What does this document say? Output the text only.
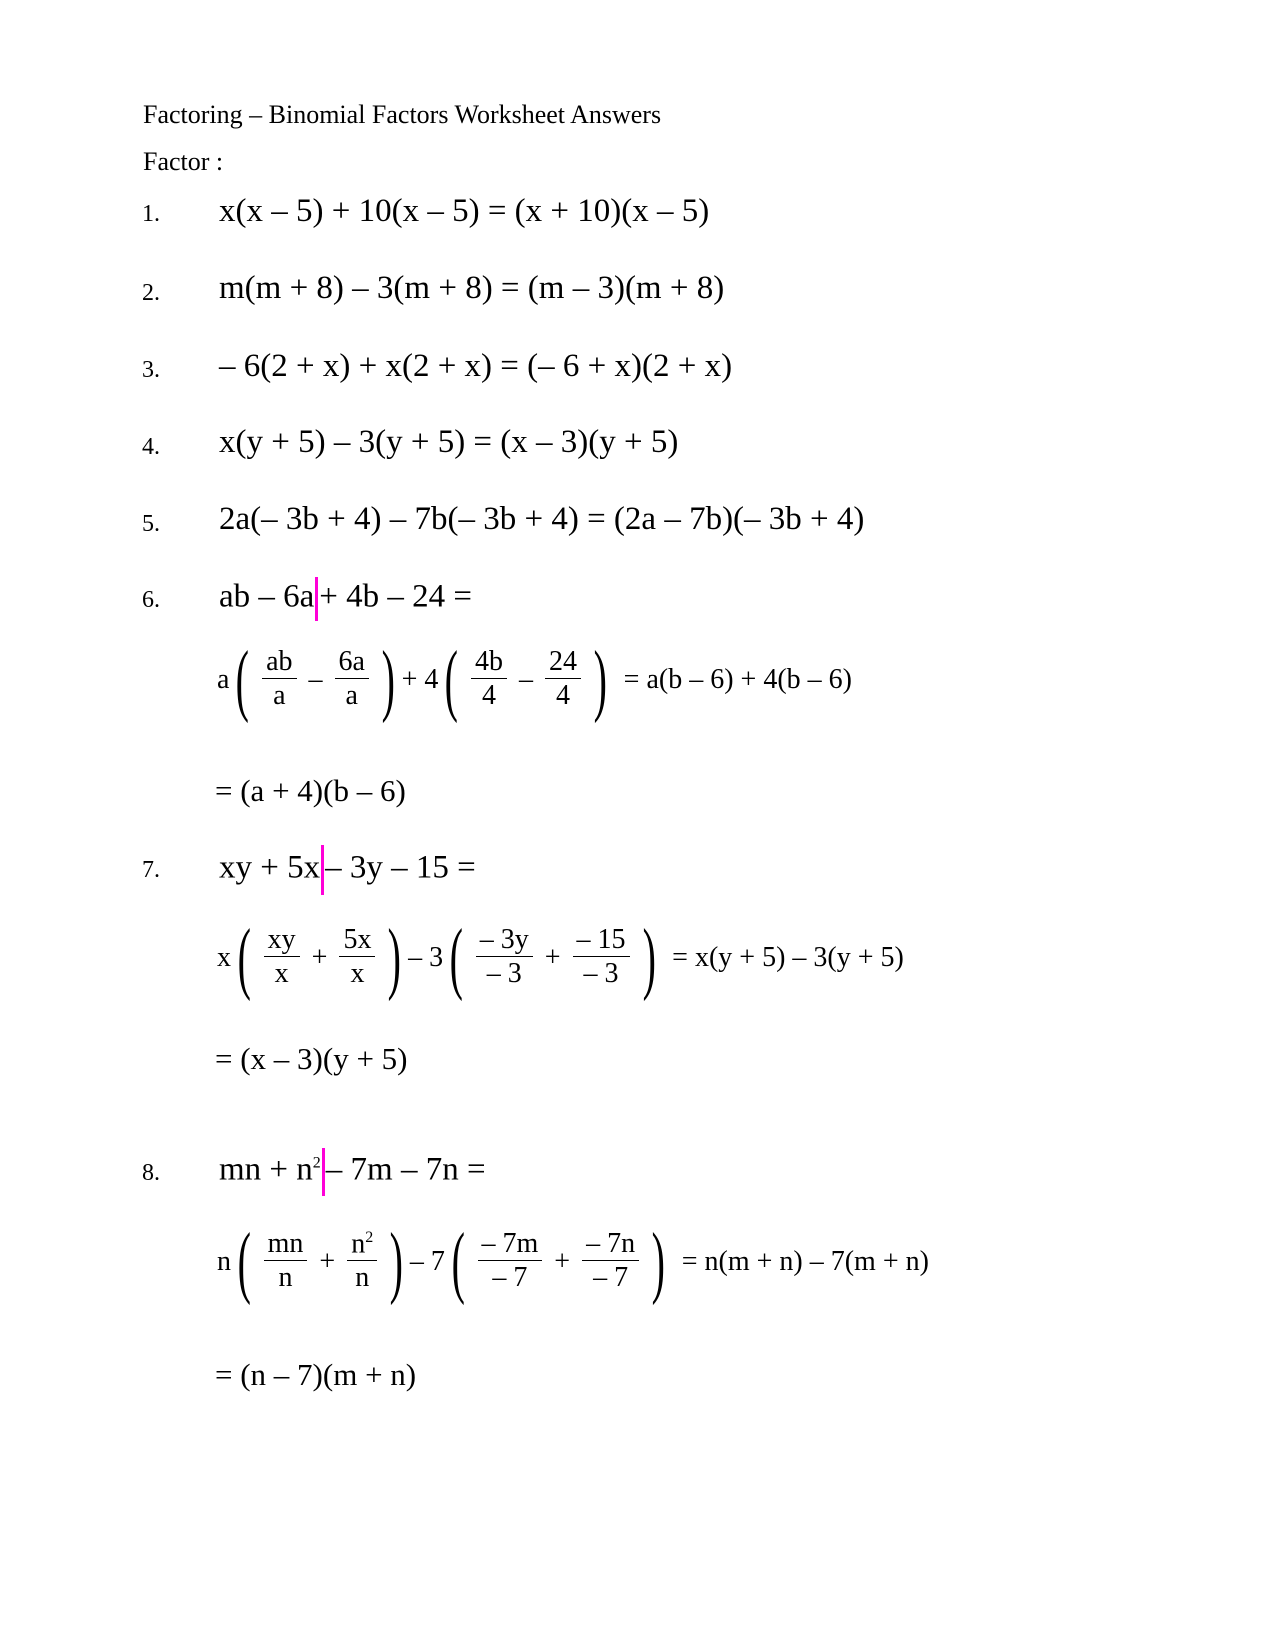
Factoring – Binomial Factors Worksheet Answers
Factor :
1. x(x – 5) + 10(x – 5) = (x + 10)(x – 5)
2. m(m + 8) – 3(m + 8) = (m – 3)(m + 8)
3. – 6(2 + x) + x(2 + x) = (– 6 + x)(2 + x)
4. x(y + 5) – 3(y + 5) = (x – 3)(y + 5)
5. 2a(– 3b + 4) – 7b(– 3b + 4) = (2a – 7b)(– 3b + 4)
6. ab – 6a + 4b – 24 =
a ( $\frac{ab}{a} - \frac{6a}{a}$ ) + 4 ( $\frac{4b}{4} - \frac{24}{4}$ ) = a(b – 6) + 4(b – 6)
= (a + 4)(b – 6)
7. xy + 5x – 3y – 15 =
x ( $\frac{xy}{x} + \frac{5x}{x}$ ) – 3 ( $\frac{- 3y}{- 3} + \frac{- 15}{- 3}$ ) = x(y + 5) – 3(y + 5)
= (x – 3)(y + 5)
8. mn + $n^2 - 7m - 7n$ =
n ( $\frac{mn}{n} + \frac{n^2}{n}$ ) – 7 ( $\frac{- 7m}{- 7} + \frac{- 7n}{- 7}$ ) = n(m + n) – 7(m + n)
= (n – 7)(m + n)
